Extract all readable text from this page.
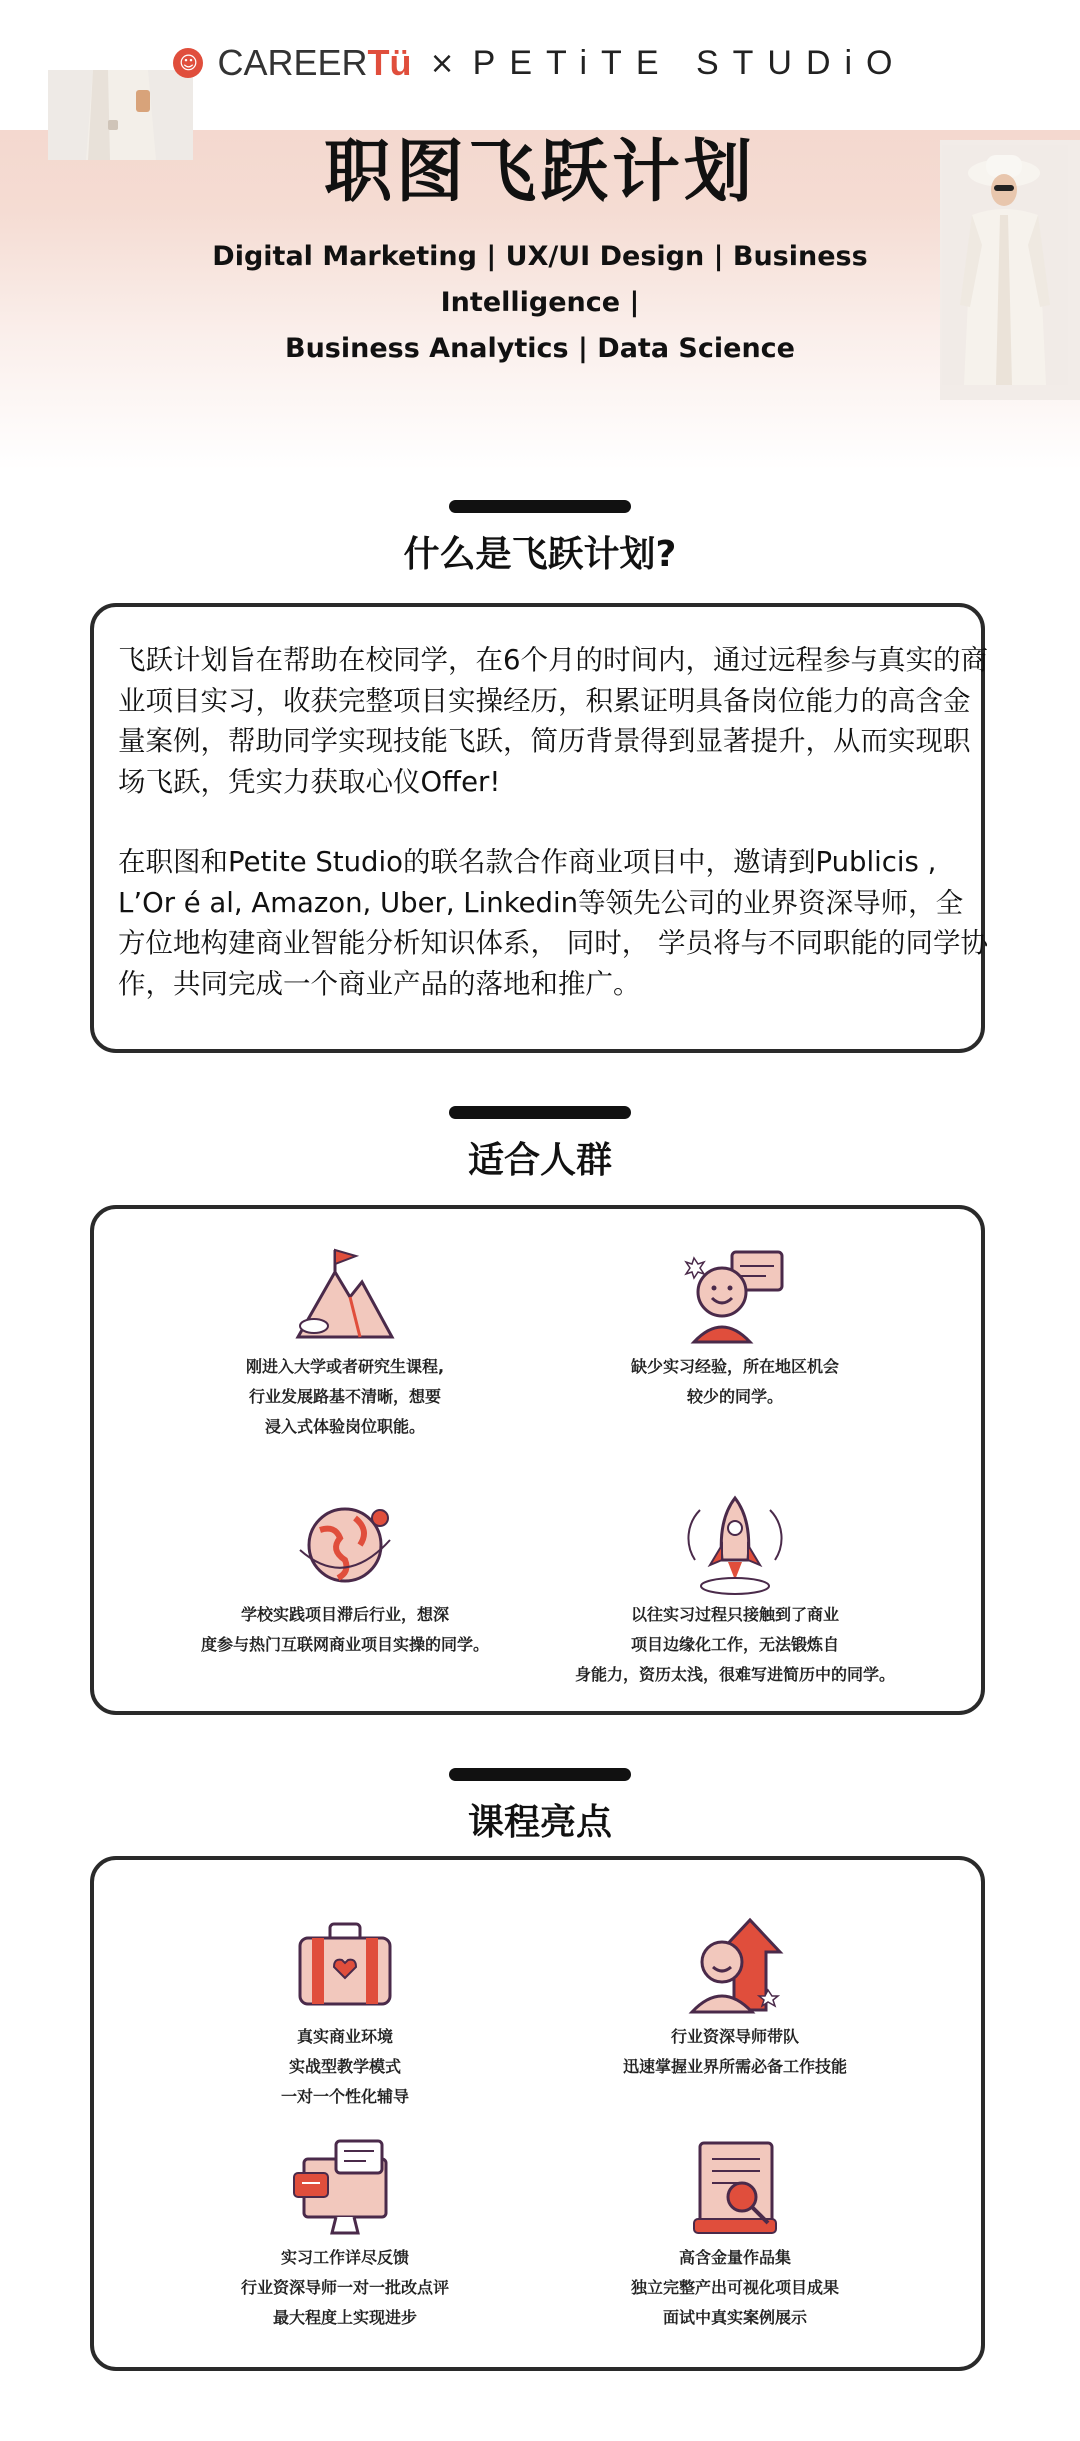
☺ CAREERTü × PETiTE STUDiO
职图飞跃计划
Digital Marketing | UX/UI Design | Business Intelligence |
Business Analytics | Data Science
什么是飞跃计划?

飞跃计划旨在帮助在校同学，在6个月的时间内，通过远程参与真实的商业项目实习，收获完整项目实操经历，积累证明具备岗位能力的高含金量案例，帮助同学实现技能飞跃，简历背景得到显著提升，从而实现职场飞跃，凭实力获取心仪Offer!

在职图和Petite Studio的联名款合作商业项目中，邀请到Publicis , L’Or é al, Amazon, Uber, Linkedin等领先公司的业界资深导师，全方位地构建商业智能分析知识体系， 同时， 学员将与不同职能的同学协作，共同完成一个商业产品的落地和推广。

适合人群
刚进入大学或者研究生课程,
行业发展路基不清晰，想要
浸入式体验岗位职能。
缺少实习经验，所在地区机会
较少的同学。
学校实践项目滞后行业，想深
度参与热门互联网商业项目实操的同学。
以往实习过程只接触到了商业
项目边缘化工作，无法锻炼自
身能力，资历太浅，很难写进简历中的同学。
课程亮点
真实商业环境
实战型教学模式
一对一个性化辅导
行业资深导师带队
迅速掌握业界所需必备工作技能
实习工作详尽反馈
行业资深导师一对一批改点评
最大程度上实现进步
高含金量作品集
独立完整产出可视化项目成果
面试中真实案例展示
